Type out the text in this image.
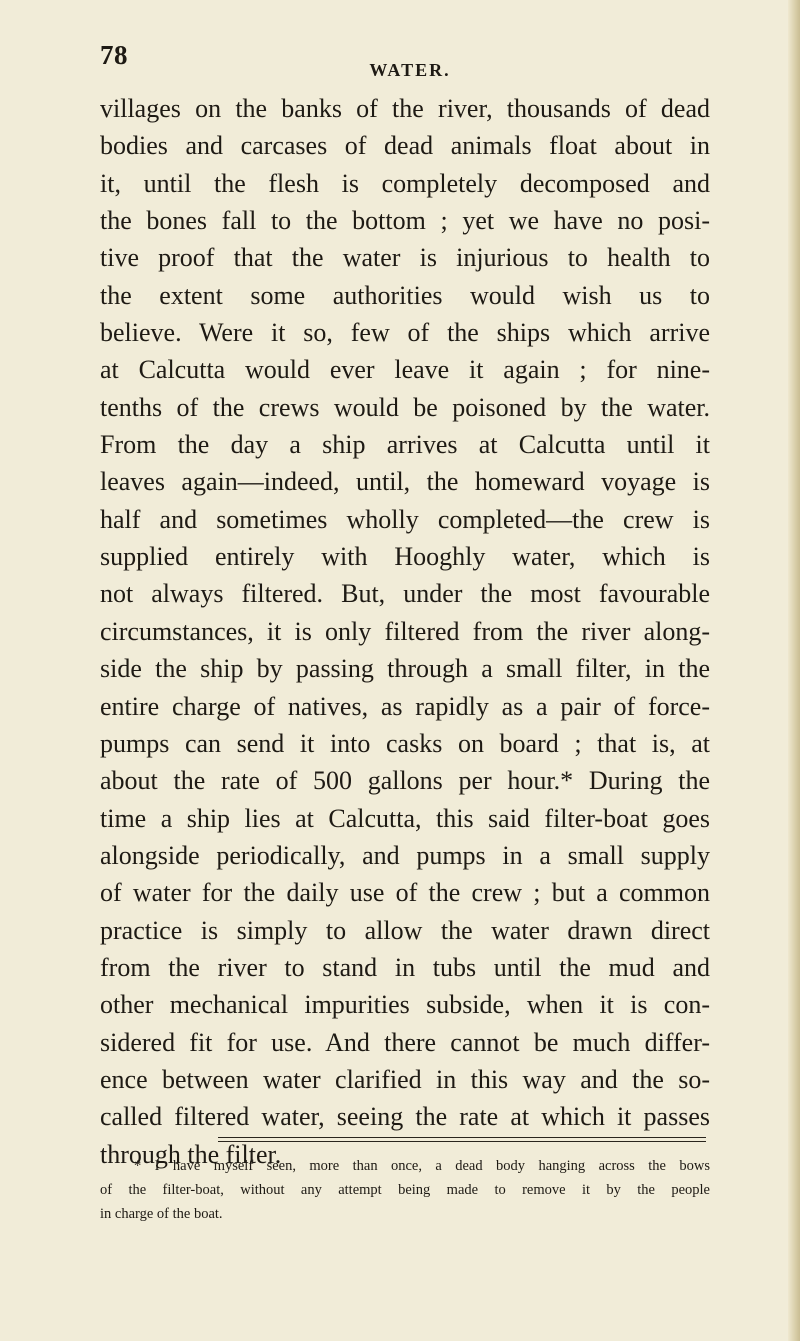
78	WATER.
villages on the banks of the river, thousands of dead
bodies and carcases of dead animals float about in
it, until the flesh is completely decomposed and
the bones fall to the bottom ; yet we have no posi-
tive proof that the water is injurious to health to
the extent some authorities would wish us to
believe. Were it so, few of the ships which arrive
at Calcutta would ever leave it again ; for nine-
tenths of the crews would be poisoned by the water.
From the day a ship arrives at Calcutta until it
leaves again—indeed, until, the homeward voyage is
half and sometimes wholly completed—the crew is
supplied entirely with Hooghly water, which is
not always filtered. But, under the most favourable
circumstances, it is only filtered from the river along-
side the ship by passing through a small filter, in the
entire charge of natives, as rapidly as a pair of force-
pumps can send it into casks on board ; that is, at
about the rate of 500 gallons per hour.* During the
time a ship lies at Calcutta, this said filter-boat goes
alongside periodically, and pumps in a small supply
of water for the daily use of the crew ; but a common
practice is simply to allow the water drawn direct
from the river to stand in tubs until the mud and
other mechanical impurities subside, when it is con-
sidered fit for use. And there cannot be much differ-
ence between water clarified in this way and the so-
called filtered water, seeing the rate at which it passes
through the filter.
* I have myself seen, more than once, a dead body hanging across the bows
of the filter-boat, without any attempt being made to remove it by the people
in charge of the boat.
